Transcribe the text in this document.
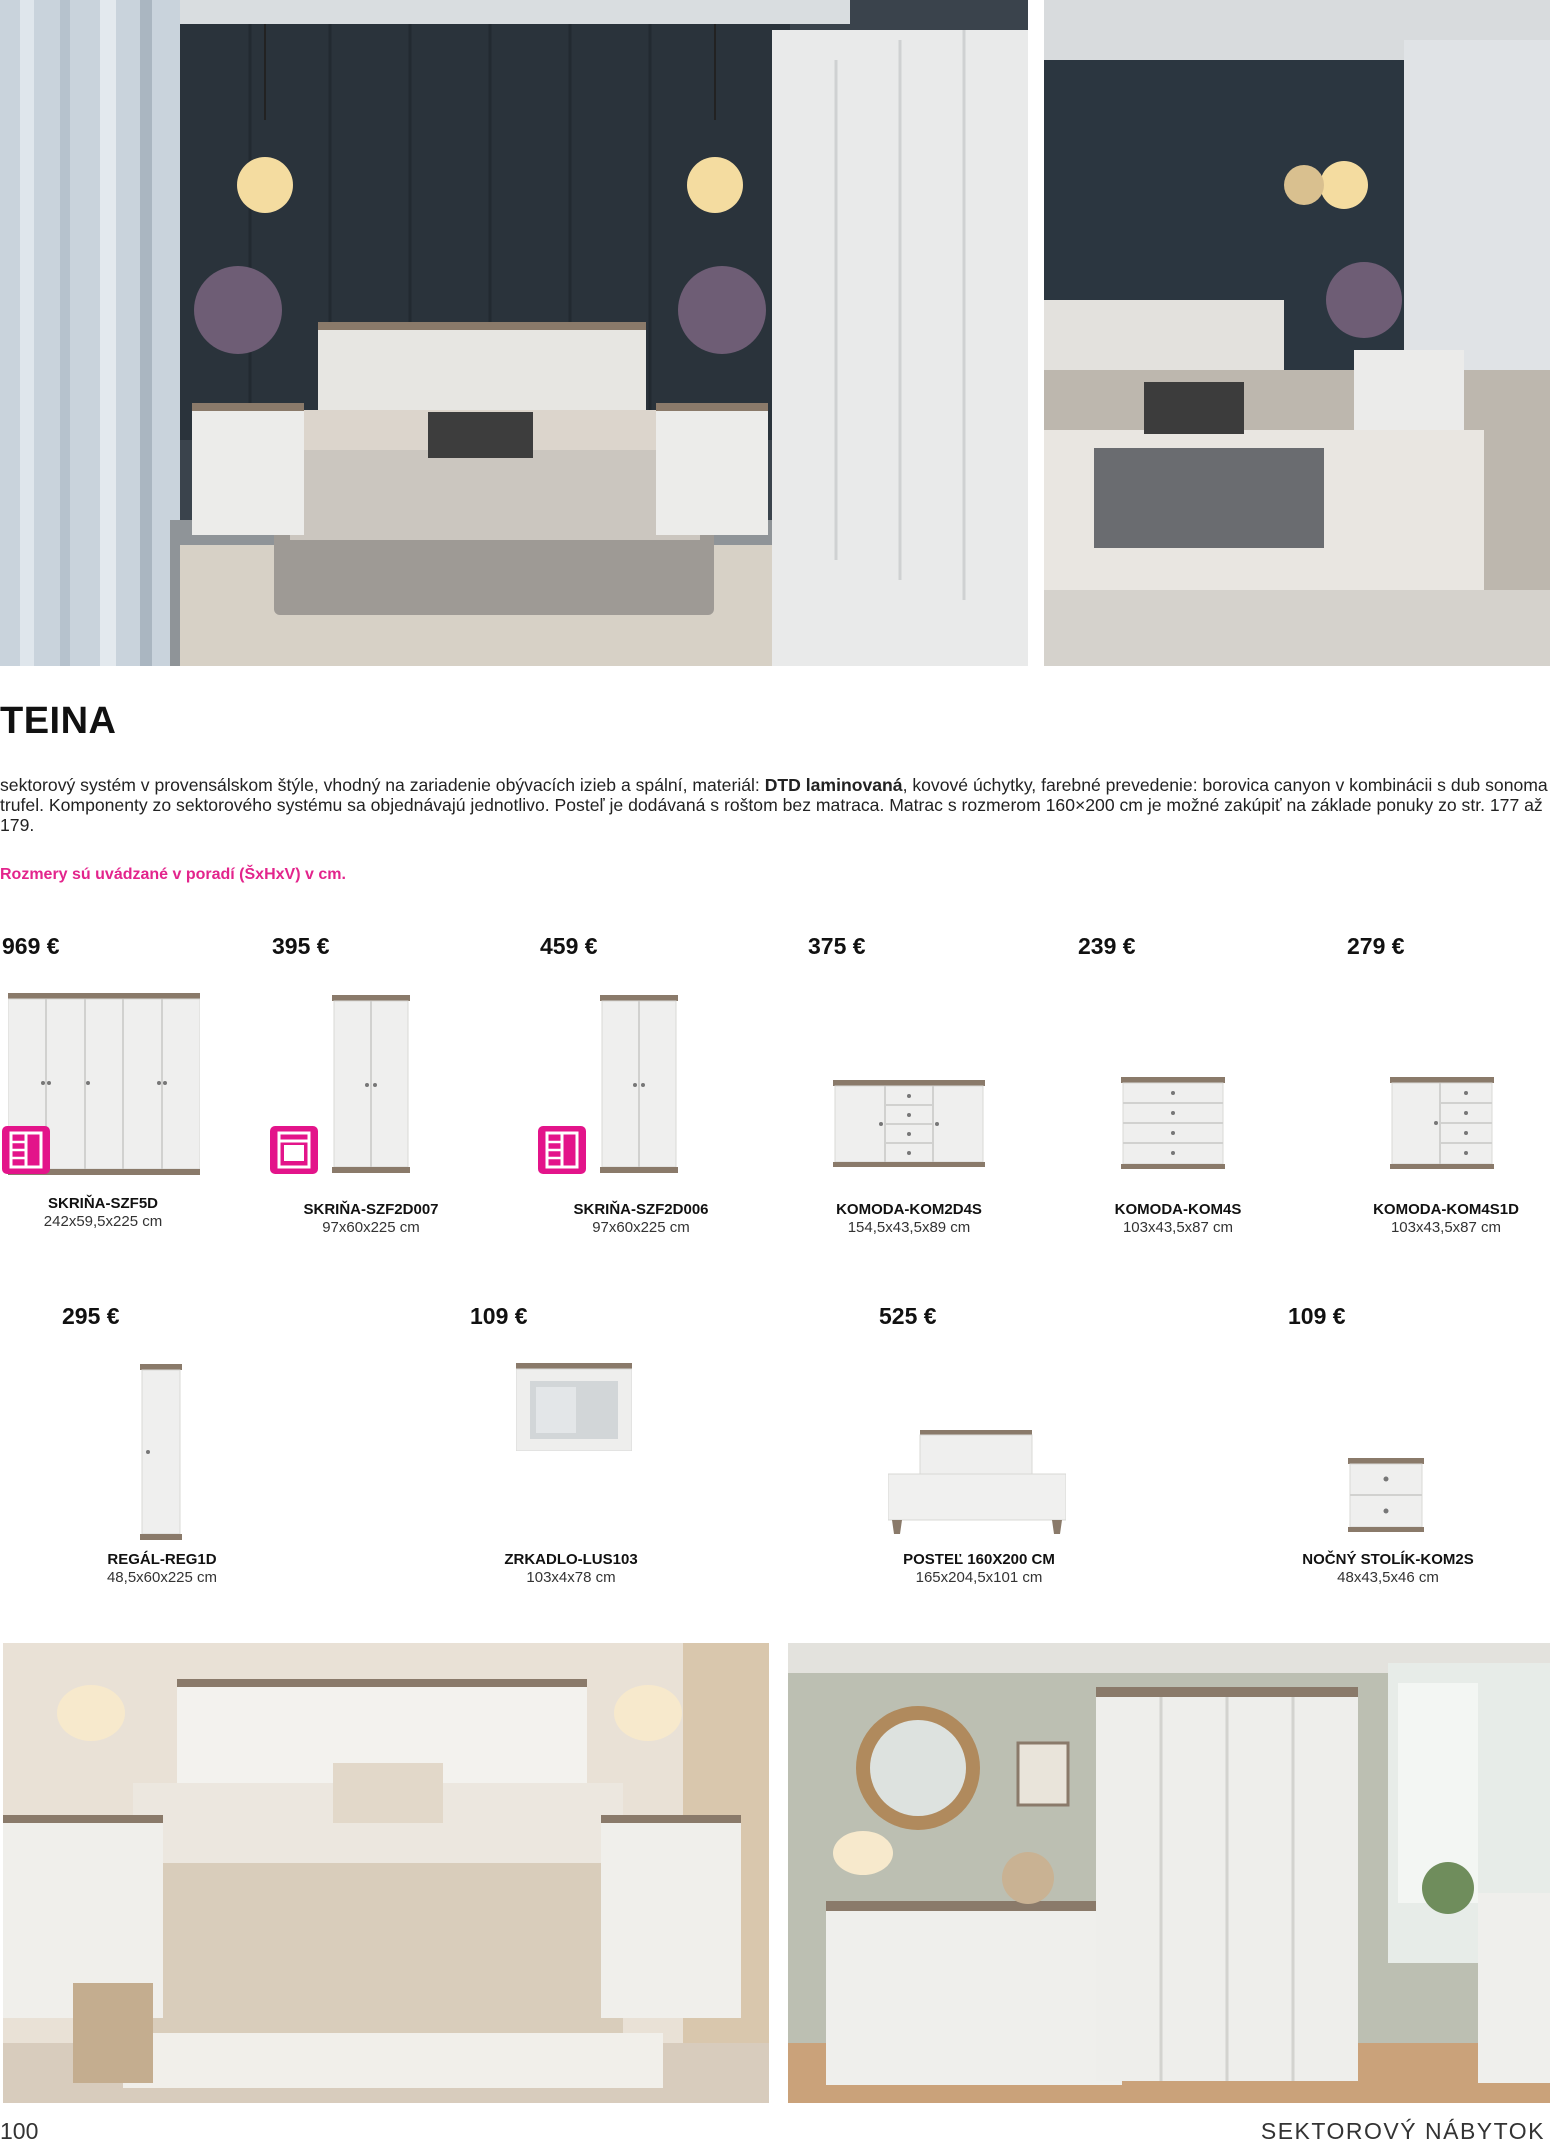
TEINA

sektorový systém v provensálskom štýle, vhodný na zariadenie obývacích izieb a spální, materiál: DTD laminovaná, kovové úchytky, farebné prevedenie: borovica canyon v kombinácii s dub sonoma trufel. Komponenty zo sektorového systému sa objednávajú jednotlivo. Posteľ je dodávaná s roštom bez matraca. Matrac s rozmerom 160×200 cm je možné zakúpiť na základe ponuky zo str. 177 až 179.

Rozmery sú uvádzané v poradí (ŠxHxV) v cm.

969 €
SKRIŇA-SZF5D
242x59,5x225 cm
395 €
SKRIŇA-SZF2D007
97x60x225 cm
459 €
SKRIŇA-SZF2D006
97x60x225 cm
375 €
KOMODA-KOM2D4S
154,5x43,5x89 cm
239 €
KOMODA-KOM4S
103x43,5x87 cm
279 €
KOMODA-KOM4S1D
103x43,5x87 cm
295 €
REGÁL-REG1D
48,5x60x225 cm
109 €
ZRKADLO-LUS103
103x4x78 cm
525 €
POSTEĽ 160X200 CM
165x204,5x101 cm
109 €
NOČNÝ STOLÍK-KOM2S
48x43,5x46 cm
100	SEKTOROVÝ NÁBYTOK
